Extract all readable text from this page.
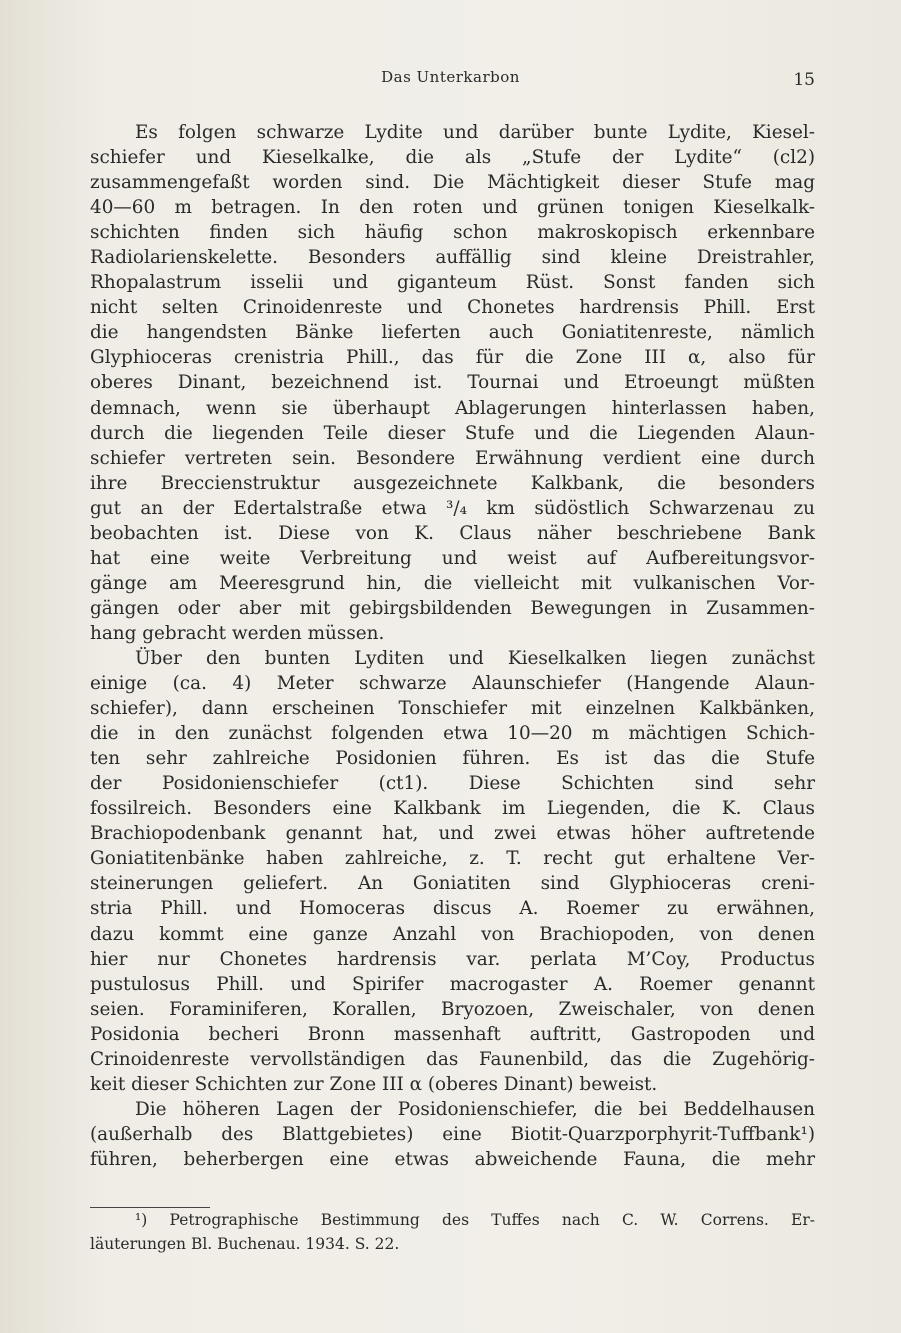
Das Unterkarbon	15
Es folgen schwarze Lydite und darüber bunte Lydite, Kiesel-
schiefer und Kieselkalke, die als „Stufe der Lydite“ (cl2)
zusammengefaßt worden sind. Die Mächtigkeit dieser Stufe mag
40—60 m betragen. In den roten und grünen tonigen Kieselkalk-
schichten finden sich häufig schon makroskopisch erkennbare
Radiolarienskelette. Besonders auffällig sind kleine Dreistrahler,
Rhopalastrum isselii und giganteum Rüst. Sonst fanden sich
nicht selten Crinoidenreste und Chonetes hardrensis Phill. Erst
die hangendsten Bänke lieferten auch Goniatitenreste, nämlich
Glyphioceras crenistria Phill., das für die Zone III α, also für
oberes Dinant, bezeichnend ist. Tournai und Etroeungt müßten
demnach, wenn sie überhaupt Ablagerungen hinterlassen haben,
durch die liegenden Teile dieser Stufe und die Liegenden Alaun-
schiefer vertreten sein. Besondere Erwähnung verdient eine durch
ihre Breccienstruktur ausgezeichnete Kalkbank, die besonders
gut an der Edertalstraße etwa ³/₄ km südöstlich Schwarzenau zu
beobachten ist. Diese von K. Claus näher beschriebene Bank
hat eine weite Verbreitung und weist auf Aufbereitungsvor-
gänge am Meeresgrund hin, die vielleicht mit vulkanischen Vor-
gängen oder aber mit gebirgsbildenden Bewegungen in Zusammen-
hang gebracht werden müssen.
Über den bunten Lyditen und Kieselkalken liegen zunächst
einige (ca. 4) Meter schwarze Alaunschiefer (Hangende Alaun-
schiefer), dann erscheinen Tonschiefer mit einzelnen Kalkbänken,
die in den zunächst folgenden etwa 10—20 m mächtigen Schich-
ten sehr zahlreiche Posidonien führen. Es ist das die Stufe
der Posidonienschiefer (ct1). Diese Schichten sind sehr
fossilreich. Besonders eine Kalkbank im Liegenden, die K. Claus
Brachiopodenbank genannt hat, und zwei etwas höher auftretende
Goniatitenbänke haben zahlreiche, z. T. recht gut erhaltene Ver-
steinerungen geliefert. An Goniatiten sind Glyphioceras creni-
stria Phill. und Homoceras discus A. Roemer zu erwähnen,
dazu kommt eine ganze Anzahl von Brachiopoden, von denen
hier nur Chonetes hardrensis var. perlata M’Coy, Productus
pustulosus Phill. und Spirifer macrogaster A. Roemer genannt
seien. Foraminiferen, Korallen, Bryozoen, Zweischaler, von denen
Posidonia becheri Bronn massenhaft auftritt, Gastropoden und
Crinoidenreste vervollständigen das Faunenbild, das die Zugehörig-
keit dieser Schichten zur Zone III α (oberes Dinant) beweist.
Die höheren Lagen der Posidonienschiefer, die bei Beddelhausen
(außerhalb des Blattgebietes) eine Biotit-Quarzporphyrit-Tuffbank¹)
führen, beherbergen eine etwas abweichende Fauna, die mehr
¹) Petrographische Bestimmung des Tuffes nach C. W. Correns. Er-
läuterungen Bl. Buchenau. 1934. S. 22.
